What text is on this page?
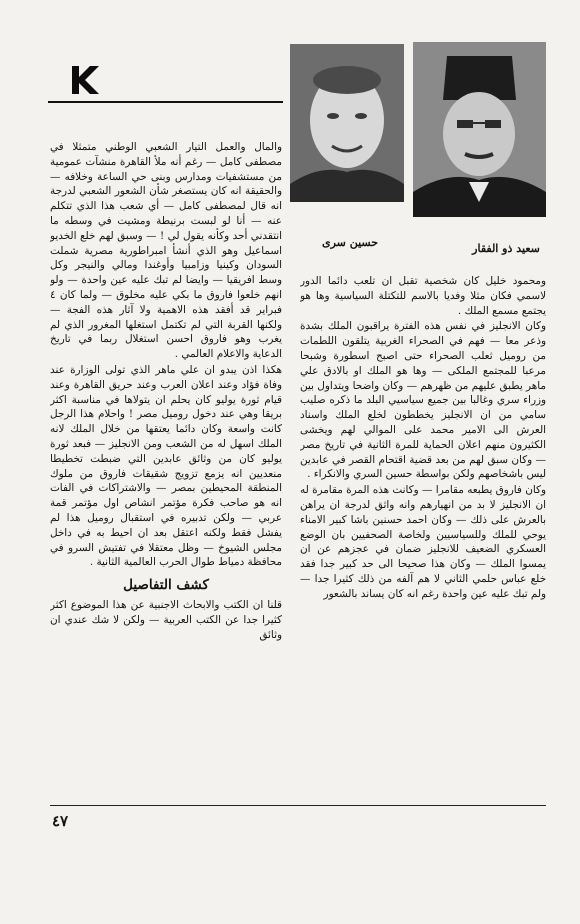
حسين سرى	سعيد ذو الفقار

والمال والعمل التيار الشعبي الوطني متمثلا في مصطفى كامل — رغم أنه ملأ القاهرة منشآت عمومية من مستشفيات ومدارس وبنى حي الساعة وخلافه — والحقيقة انه كان يستصغر شأن الشعور الشعبي لدرجة انه قال لمصطفى كامل — أي شعب هذا الذي تتكلم عنه — أنا لو لبست برنيطة ومشيت في وسطه ما انتقدني أحد وكأنه يقول لي ! — وسبق لهم خلع الخديو اسماعيل وهو الذي أنشأ امبراطورية مصرية شملت السودان وكينيا وزامبيا وأوغندا ومالي والنيجر وكل وسط افريقيا — وايضا لم تبك عليه عين واحدة — ولو انهم خلعوا فاروق ما بكي عليه مخلوق — ولما كان ٤ فبراير قد أفقد هذه الاهمية ولا آثار هذه الفجة — ولكنها القربة التي لم تكتمل استغلها المغرور الذي لم يغرب وهو فاروق احسن استغلال ربما في تاريخ الدعاية والاعلام العالمي .

هكذا اذن يبدو ان علي ماهر الذي تولى الوزارة عند وفاة فؤاد وعند اعلان العرب وعند حريق القاهرة وعند قيام ثورة يوليو كان يحلم ان يتولاها في مناسبة اكثر بريقا وهي عند دخول روميل مصر ! واحلام هذا الرجل كانت واسعة وكان دائما يعتقها من خلال الملك لانه الملك اسهل له من الشعب ومن الانجليز — فبعد ثورة يوليو كان من وثائق عابدين التي ضبطت تخطيطا منعديين انه يزمع تزويج شقيقات فاروق من ملوك المنطقة المحيطين بمصر — والاشتراكات في الفات انه هو صاحب فكرة مؤتمر انشاص اول مؤتمر قمة عربي — ولكن تدبيره في استقبال روميل هذا لم يفشل فقط ولكنه اعتقل بعد ان احيط به في داخل مجلس الشيوخ — وظل معتقلا في تفتيش السرو في محافظة دمياط طوال الحرب العالمية الثانية .

كشف التفاصيل

قلنا ان الكتب والابحاث الاجنبية عن هذا الموضوع اكثر كثيرا جدا عن الكتب العربية — ولكن لا شك عندي ان وثائق

ومحمود خليل كان شخصية تقبل ان تلعب دائما الدور لاسمي فكان مثلا وفديا بالاسم للتكتلة السياسية وها هو يجتمع مسمع الملك .

وكان الانجليز في نفس هذه الفترة يراقبون الملك بشدة وذعر معا — فهم في الصحراء الغربية يتلقون اللطمات من روميل ثعلب الصحراء حتى اصبح اسطورة وشبحا مرعبا للمجتمع الملكى — وها هو الملك او بالادق علي ماهر يطبق عليهم من ظهرهم — وكان واضحا ويتداول بين وزراء سري وغالبا بين جميع سياسيي البلد ما ذكره صليب سامي من ان الانجليز يخططون لخلع الملك واسناد العرش الى الامير محمد على الموالي لهم ويخشى الكثيرون منهم اعلان الحماية للمرة الثانية في تاريخ مصر — وكان سبق لهم من بعد قضية اقتحام القصر في عابدين ليس باشخاصهم ولكن بواسطة حسين السري والانكراء .

وكان فاروق يطبعه مقامرا — وكانت هذه المرة مقامرة له ان الانجليز لا بد من انهيارهم وانه واثق لدرجة ان يراهن بالعرش على ذلك — وكان احمد حسنين باشا كبير الامناء يوحي للملك وللسياسيين ولخاصة الصحفيين بان الوضع العسكري الضعيف للانجليز ضمان في عجزهم عن ان يمسوا الملك — وكان هذا صحيحا الى حد كبير جدا فقد خلع عباس حلمي الثاني لا هم آلفه من ذلك كثيرا جدا — ولم تبك عليه عين واحدة رغم انه كان يساند بالشعور

٤٧
